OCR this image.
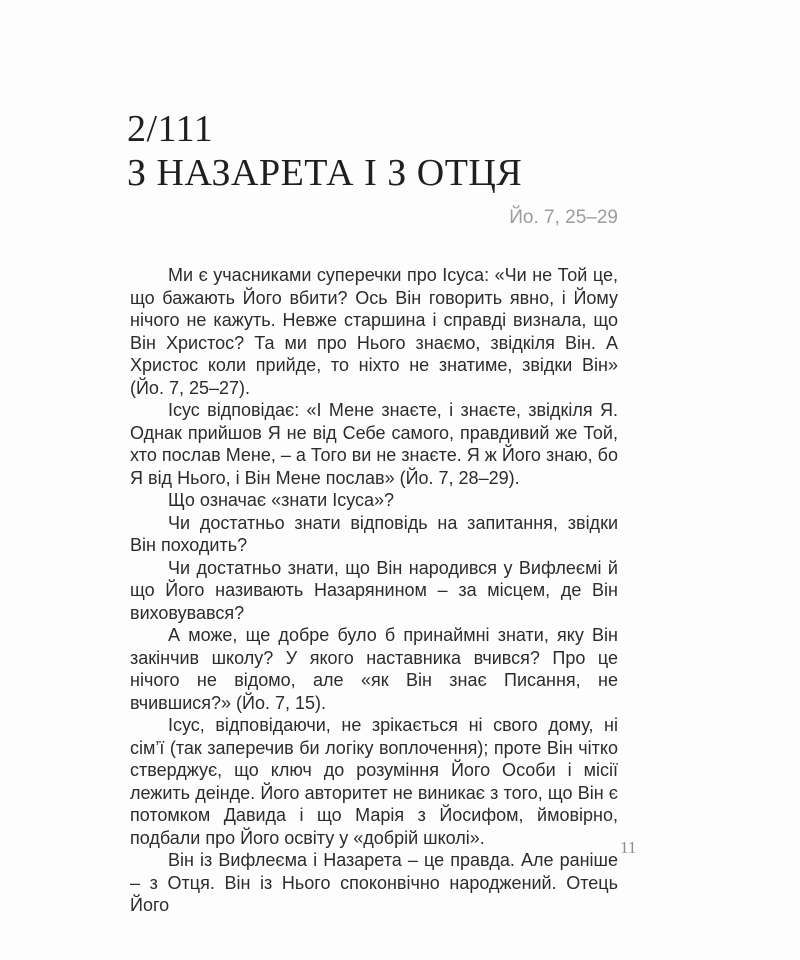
2/111
З НАЗАРЕТА І З ОТЦЯ
Йо. 7, 25–29

Ми є учасниками суперечки про Ісуса: «Чи не Той це, що бажають Його вбити? Ось Він говорить явно, і Йому нічого не кажуть. Невже старшина і справді визнала, що Він Христос? Та ми про Нього знаємо, звідкіля Він. А Христос коли прийде, то ніхто не знатиме, звідки Він» (Йо. 7, 25–27).

Ісус відповідає: «І Мене знаєте, і знаєте, звідкіля Я. Однак прийшов Я не від Себе самого, правдивий же Той, хто послав Мене, – а Того ви не знаєте. Я ж Його знаю, бо Я від Нього, і Він Мене послав» (Йо. 7, 28–29).

Що означає «знати Ісуса»?

Чи достатньо знати відповідь на запитання, звідки Він походить?

Чи достатньо знати, що Він народився у Вифлеємі й що Його називають Назарянином – за місцем, де Він виховувався?

А може, ще добре було б принаймні знати, яку Він закінчив школу? У якого наставника вчився? Про це нічого не відомо, але «як Він знає Писання, не вчившися?» (Йо. 7, 15).

Ісус, відповідаючи, не зрікається ні свого дому, ні сім’ї (так заперечив би логіку воплочення); проте Він чітко стверджує, що ключ до розуміння Його Особи і місії лежить деінде. Його авторитет не виникає з того, що Він є потомком Давида і що Марія з Йосифом, ймовірно, подбали про Його освіту у «добрій школі».

Він із Вифлеєма і Назарета – це правда. Але раніше – з Отця. Він із Нього споконвічно народжений. Отець Його

11
